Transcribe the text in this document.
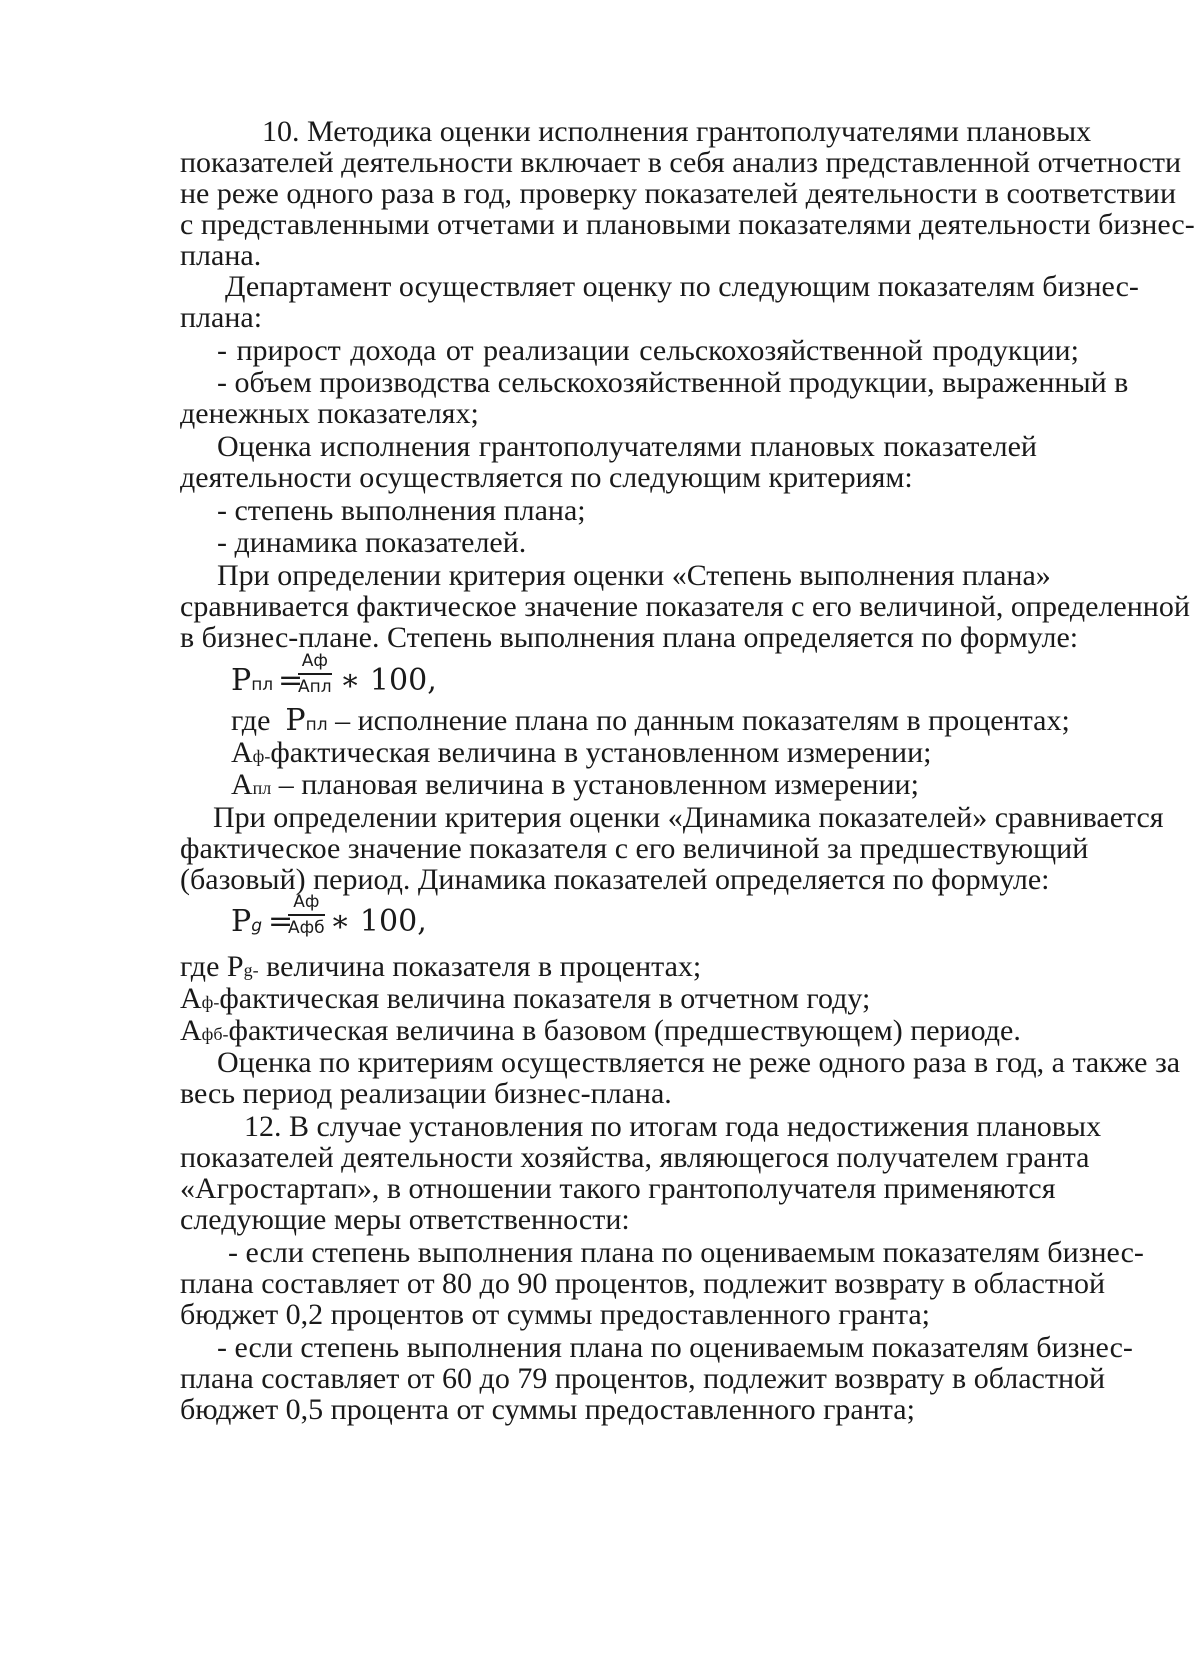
10. Методика оценки исполнения грантополучателями плановых
показателей деятельности включает в себя анализ представленной отчетности
не реже одного раза в год, проверку показателей деятельности в соответствии
с представленными отчетами и плановыми показателями деятельности бизнес-
плана.
Департамент осуществляет оценку по следующим показателям бизнес-
плана:
- прирост дохода от реализации сельскохозяйственной продукции;
- объем производства сельскохозяйственной продукции, выраженный в
денежных показателях;
Оценка исполнения грантополучателями плановых показателей
деятельности осуществляется по следующим критериям:
- степень выполнения плана;
- динамика показателей.
При определении критерия оценки «Степень выполнения плана»
сравнивается фактическое значение показателя с его величиной, определенной
в бизнес-плане. Степень выполнения плана определяется по формуле:
Рпл =
Аф
Апл ∗ 100,
где Рпл – исполнение плана по данным показателям в процентах;
Аф-фактическая величина в установленном измерении;
Апл – плановая величина в установленном измерении;
При определении критерия оценки «Динамика показателей» сравнивается
фактическое значение показателя с его величиной за предшествующий
(базовый) период. Динамика показателей определяется по формуле:
Рg =
Аф
Афб ∗ 100,
где Рg- величина показателя в процентах;
Аф-фактическая величина показателя в отчетном году;
Афб-фактическая величина в базовом (предшествующем) периоде.
Оценка по критериям осуществляется не реже одного раза в год, а также за
весь период реализации бизнес-плана.
12. В случае установления по итогам года недостижения плановых
показателей деятельности хозяйства, являющегося получателем гранта
«Агростартап», в отношении такого грантополучателя применяются
следующие меры ответственности:
- если степень выполнения плана по оцениваемым показателям бизнес-
плана составляет от 80 до 90 процентов, подлежит возврату в областной
бюджет 0,2 процентов от суммы предоставленного гранта;
- если степень выполнения плана по оцениваемым показателям бизнес-
плана составляет от 60 до 79 процентов, подлежит возврату в областной
бюджет 0,5 процента от суммы предоставленного гранта;
